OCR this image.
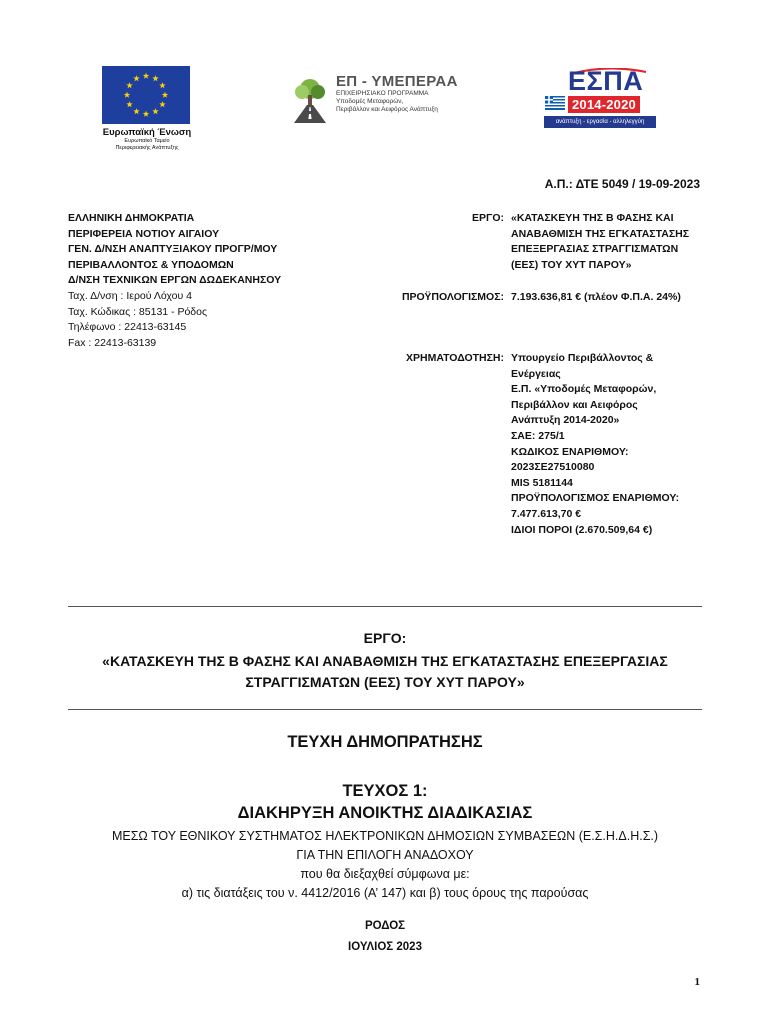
Ευρωπαϊκή Ένωση
Ευρωπαϊκό Ταμείο
Περιφερειακής Ανάπτυξης
ΕΠ - ΥΜΕΠΕΡΑΑ
ΕΠΙΧΕΙΡΗΣΙΑΚΟ ΠΡΟΓΡΑΜΜΑ
Υποδομές Μεταφορών,
Περιβάλλον και Αειφόρος Ανάπτυξη
ΕΣΠΑ
2014-2020
ανάπτυξη - εργασία - αλληλεγγύη
Α.Π.: ΔΤΕ 5049 / 19-09-2023
ΕΛΛΗΝΙΚΗ ΔΗΜΟΚΡΑΤΙΑ
ΠΕΡΙΦΕΡΕΙΑ ΝΟΤΙΟΥ ΑΙΓΑΙΟΥ
ΓΕΝ. Δ/ΝΣΗ ΑΝΑΠΤΥΞΙΑΚΟΥ ΠΡΟΓΡ/ΜΟΥ
ΠΕΡΙΒΑΛΛΟΝΤΟΣ & ΥΠΟΔΟΜΩΝ
Δ/ΝΣΗ ΤΕΧΝΙΚΩΝ ΕΡΓΩΝ ΔΩΔΕΚΑΝΗΣΟΥ
Ταχ. Δ/νση : Ιερού Λόχου 4
Ταχ. Κώδικας : 85131 - Ρόδος
Τηλέφωνο : 22413-63145
Fax : 22413-63139
ΕΡΓΟ: «ΚΑΤΑΣΚΕΥΗ ΤΗΣ Β ΦΑΣΗΣ ΚΑΙ
ΑΝΑΒΑΘΜΙΣΗ ΤΗΣ ΕΓΚΑΤΑΣΤΑΣΗΣ
ΕΠΕΞΕΡΓΑΣΙΑΣ ΣΤΡΑΓΓΙΣΜΑΤΩΝ
(ΕΕΣ) ΤΟΥ ΧΥΤ ΠΑΡΟΥ»
ΠΡΟΫΠΟΛΟΓΙΣΜΟΣ: 7.193.636,81 € (πλέον Φ.Π.Α. 24%)
ΧΡΗΜΑΤΟΔΟΤΗΣΗ: Υπουργείο Περιβάλλοντος &
Ενέργειας
Ε.Π. «Υποδομές Μεταφορών,
Περιβάλλον και Αειφόρος
Ανάπτυξη 2014-2020»
ΣΑΕ: 275/1
ΚΩΔΙΚΟΣ ΕΝΑΡΙΘΜΟΥ:
2023ΣΕ27510080
MIS 5181144
ΠΡΟΫΠΟΛΟΓΙΣΜΟΣ ΕΝΑΡΙΘΜΟΥ:
7.477.613,70 €
ΙΔΙΟΙ ΠΟΡΟΙ (2.670.509,64 €)
ΕΡΓΟ:
«ΚΑΤΑΣΚΕΥΗ ΤΗΣ Β ΦΑΣΗΣ ΚΑΙ ΑΝΑΒΑΘΜΙΣΗ ΤΗΣ ΕΓΚΑΤΑΣΤΑΣΗΣ ΕΠΕΞΕΡΓΑΣΙΑΣ
ΣΤΡΑΓΓΙΣΜΑΤΩΝ (ΕΕΣ) ΤΟΥ ΧΥΤ ΠΑΡΟΥ»
ΤΕΥΧΗ ΔΗΜΟΠΡΑΤΗΣΗΣ
ΤΕΥΧΟΣ 1:
ΔΙΑΚΗΡΥΞΗ ΑΝΟΙΚΤΗΣ ΔΙΑΔΙΚΑΣΙΑΣ
ΜΕΣΩ ΤΟΥ ΕΘΝΙΚΟΥ ΣΥΣΤΗΜΑΤΟΣ ΗΛΕΚΤΡΟΝΙΚΩΝ ΔΗΜΟΣΙΩΝ ΣΥΜΒΑΣΕΩΝ (Ε.Σ.Η.Δ.Η.Σ.)
ΓΙΑ ΤΗΝ ΕΠΙΛΟΓΗ ΑΝΑΔΟΧΟΥ
που θα διεξαχθεί σύμφωνα με:
α) τις διατάξεις του ν. 4412/2016 (Α’ 147) και β) τους όρους της παρούσας
ΡΟΔΟΣ
ΙΟΥΛΙΟΣ 2023
1
